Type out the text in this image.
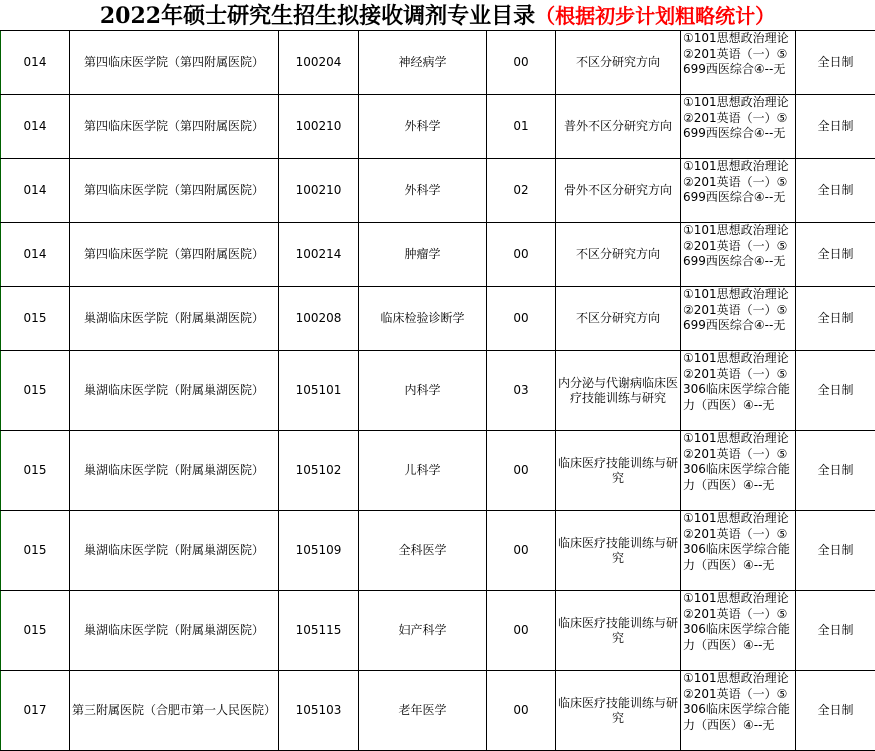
2022年硕士研究生招生拟接收调剂专业目录（根据初步计划粗略统计）
014	第四临床医学院（第四附属医院）	100204	神经病学	00	不区分研究方向	①101思想政治理论②201英语（一）⑤699西医综合④--无	全日制
014	第四临床医学院（第四附属医院）	100210	外科学	01	普外不区分研究方向	①101思想政治理论②201英语（一）⑤699西医综合④--无	全日制
014	第四临床医学院（第四附属医院）	100210	外科学	02	骨外不区分研究方向	①101思想政治理论②201英语（一）⑤699西医综合④--无	全日制
014	第四临床医学院（第四附属医院）	100214	肿瘤学	00	不区分研究方向	①101思想政治理论②201英语（一）⑤699西医综合④--无	全日制
015	巢湖临床医学院（附属巢湖医院）	100208	临床检验诊断学	00	不区分研究方向	①101思想政治理论②201英语（一）⑤699西医综合④--无	全日制
015	巢湖临床医学院（附属巢湖医院）	105101	内科学	03	内分泌与代谢病临床医疗技能训练与研究	①101思想政治理论②201英语（一）⑤306临床医学综合能力（西医）④--无	全日制
015	巢湖临床医学院（附属巢湖医院）	105102	儿科学	00	临床医疗技能训练与研究	①101思想政治理论②201英语（一）⑤306临床医学综合能力（西医）④--无	全日制
015	巢湖临床医学院（附属巢湖医院）	105109	全科医学	00	临床医疗技能训练与研究	①101思想政治理论②201英语（一）⑤306临床医学综合能力（西医）④--无	全日制
015	巢湖临床医学院（附属巢湖医院）	105115	妇产科学	00	临床医疗技能训练与研究	①101思想政治理论②201英语（一）⑤306临床医学综合能力（西医）④--无	全日制
017	第三附属医院（合肥市第一人民医院）	105103	老年医学	00	临床医疗技能训练与研究	①101思想政治理论②201英语（一）⑤306临床医学综合能力（西医）④--无	全日制
